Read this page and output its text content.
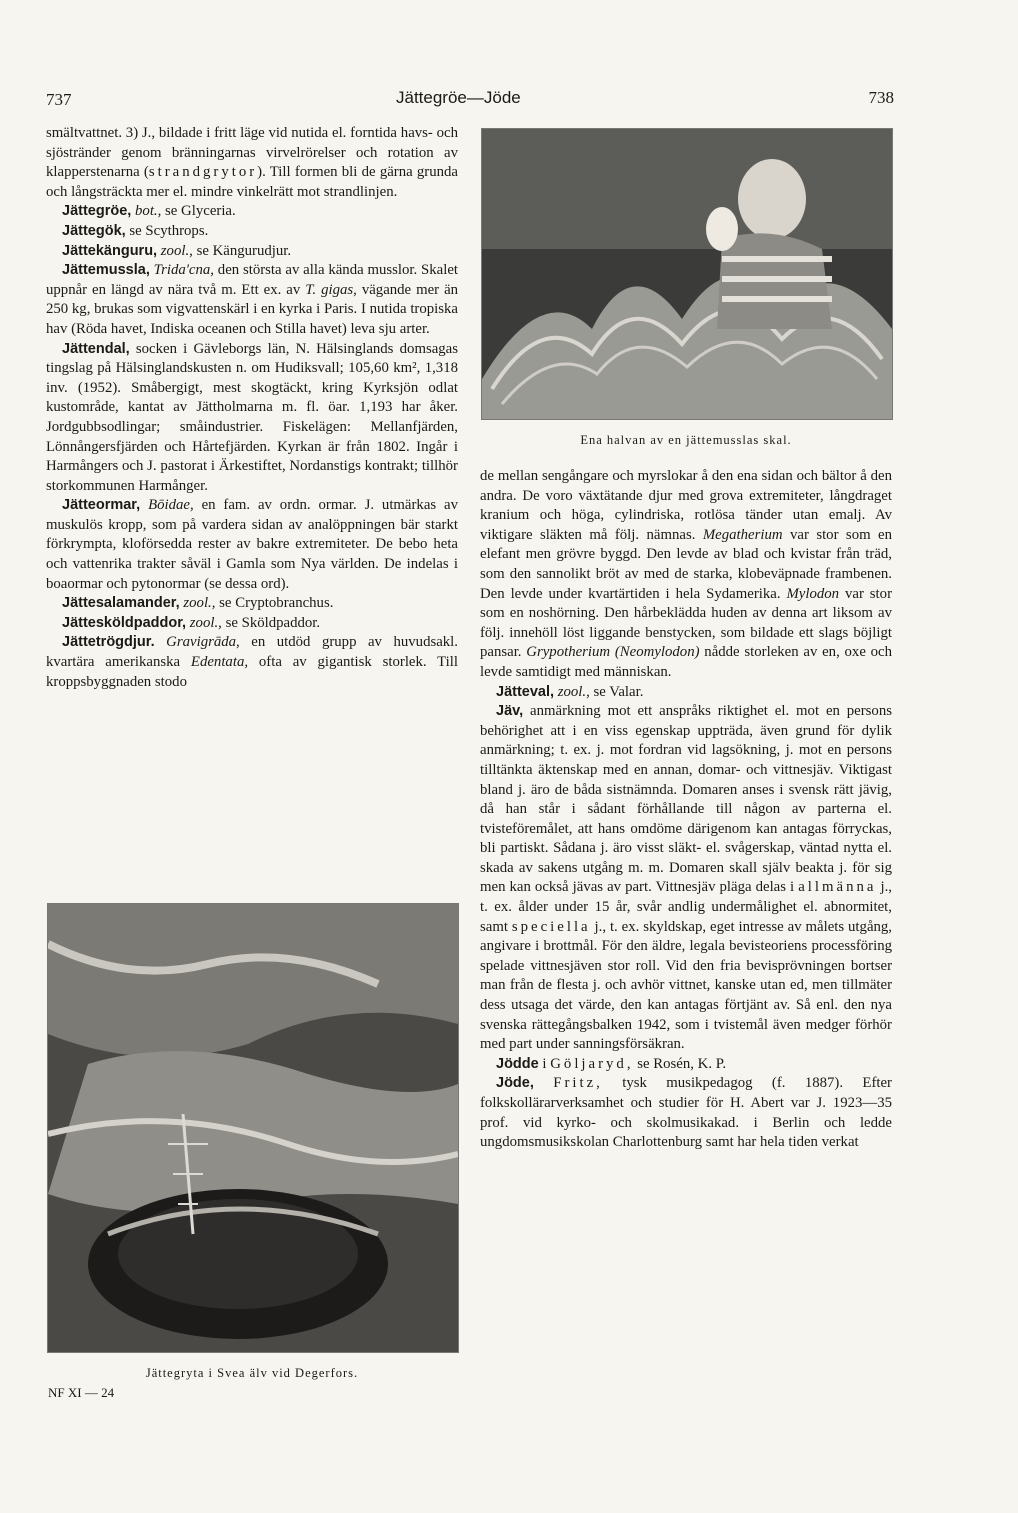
737	Jättegröe—Jöde	738

smältvattnet. 3) J., bildade i fritt läge vid nutida el. forntida havs- och sjöstränder genom bränningarnas virvelrörelser och rotation av klapperstenarna (strandgrytor). Till formen bli de gärna grunda och långsträckta mer el. mindre vinkelrätt mot strandlinjen.

Jättegröe, bot., se Glyceria.

Jättegök, se Scythrops.

Jättekänguru, zool., se Kängurudjur.

Jättemussla, Trida'cna, den största av alla kända musslor. Skalet uppnår en längd av nära två m. Ett ex. av T. gigas, vägande mer än 250 kg, brukas som vigvattenskärl i en kyrka i Paris. I nutida tropiska hav (Röda havet, Indiska oceanen och Stilla havet) leva sju arter.

Jättendal, socken i Gävleborgs län, N. Hälsinglands domsagas tingslag på Hälsinglandskusten n. om Hudiksvall; 105,60 km², 1,318 inv. (1952). Småbergigt, mest skogtäckt, kring Kyrksjön odlat kustområde, kantat av Jättholmarna m. fl. öar. 1,193 har åker. Jordgubbsodlingar; småindustrier. Fiskelägen: Mellanfjärden, Lönnångersfjärden och Hårtefjärden. Kyrkan är från 1802. Ingår i Harmångers och J. pastorat i Ärkestiftet, Nordanstigs kontrakt; tillhör storkommunen Harmånger.

Jätteormar, Bōidae, en fam. av ordn. ormar. J. utmärkas av muskulös kropp, som på vardera sidan av analöppningen bär starkt förkrympta, kloförsedda rester av bakre extremiteter. De bebo heta och vattenrika trakter såväl i Gamla som Nya världen. De indelas i boaormar och pytonormar (se dessa ord).

Jättesalamander, zool., se Cryptobranchus.

Jättesköldpaddor, zool., se Sköldpaddor.

Jättetrögdjur. Gravigrāda, en utdöd grupp av huvudsakl. kvartära amerikanska Edentata, ofta av gigantisk storlek. Till kroppsbyggnaden stodo

Ena halvan av en jättemusslas skal.

de mellan sengångare och myrslokar å den ena sidan och bältor å den andra. De voro växtätande djur med grova extremiteter, långdraget kranium och höga, cylindriska, rotlösa tänder utan emalj. Av viktigare släkten må följ. nämnas. Megatherium var stor som en elefant men grövre byggd. Den levde av blad och kvistar från träd, som den sannolikt bröt av med de starka, klobeväpnade frambenen. Den levde under kvartärtiden i hela Sydamerika. Mylodon var stor som en noshörning. Den hårbeklädda huden av denna art liksom av följ. innehöll löst liggande benstycken, som bildade ett slags böjligt pansar. Grypotherium (Neomylodon) nådde storleken av en, oxe och levde samtidigt med människan.

Jätteval, zool., se Valar.

Jäv, anmärkning mot ett anspråks riktighet el. mot en persons behörighet att i en viss egenskap uppträda, även grund för dylik anmärkning; t. ex. j. mot fordran vid lagsökning, j. mot en persons tilltänkta äktenskap med en annan, domar- och vittnesjäv. Viktigast bland j. äro de båda sistnämnda. Domaren anses i svensk rätt jävig, då han står i sådant förhållande till någon av parterna el. tvisteföremålet, att hans omdöme därigenom kan antagas förryckas, bli partiskt. Sådana j. äro visst släkt- el. svågerskap, väntad nytta el. skada av sakens utgång m. m. Domaren skall själv beakta j. för sig men kan också jävas av part. Vittnesjäv pläga delas i allmänna j., t. ex. ålder under 15 år, svår andlig undermålighet el. abnormitet, samt speciella j., t. ex. skyldskap, eget intresse av målets utgång, angivare i brottmål. För den äldre, legala bevisteoriens processföring spelade vittnesjäven stor roll. Vid den fria bevisprövningen bortser man från de flesta j. och avhör vittnet, kanske utan ed, men tillmäter dess utsaga det värde, den kan antagas förtjänt av. Så enl. den nya svenska rättegångsbalken 1942, som i tvistemål även medger förhör med part under sanningsförsäkran.

Jödde i Göljaryd, se Rosén, K. P.

Jöde, Fritz, tysk musikpedagog (f. 1887). Efter folkskollärarverksamhet och studier för H. Abert var J. 1923—35 prof. vid kyrko- och skolmusikakad. i Berlin och ledde ungdomsmusikskolan Charlottenburg samt har hela tiden verkat

Jättegryta i Svea älv vid Degerfors.
NF XI — 24
